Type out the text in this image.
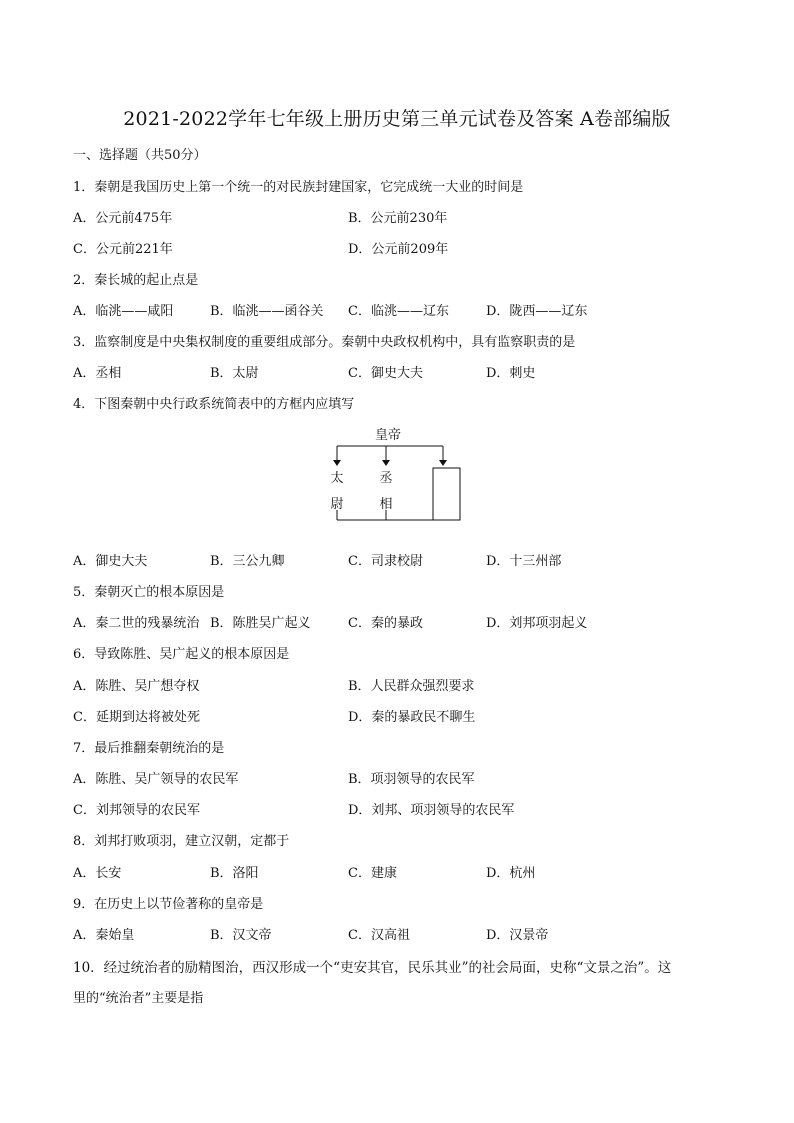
2021-2022学年七年级上册历史第三单元试卷及答案 A卷部编版
一、选择题（共50分）
1．秦朝是我国历史上第一个统一的对民族封建国家，它完成统一大业的时间是
A．公元前475年	B．公元前230年
C．公元前221年	D．公元前209年
2．秦长城的起止点是
A．临洮——咸阳	B．临洮——函谷关 C．临洮——辽东	D．陇西——辽东
3．监察制度是中央集权制度的重要组成部分。秦朝中央政权机构中，具有监察职责的是
A．丞相	B．太尉	C．御史大夫	D．刺史
4．下图秦朝中央行政系统简表中的方框内应填写
皇帝
太
尉
丞
相
A．御史大夫	B．三公九卿	C．司隶校尉	D．十三州部
5．秦朝灭亡的根本原因是
A．秦二世的残暴统治 B．陈胜吴广起义	C．秦的暴政	D．刘邦项羽起义
6．导致陈胜、吴广起义的根本原因是
A．陈胜、吴广想夺权	B．人民群众强烈要求
C．延期到达将被处死	D．秦的暴政民不聊生
7．最后推翻秦朝统治的是
A．陈胜、吴广领导的农民军	B．项羽领导的农民军
C．刘邦领导的农民军	D．刘邦、项羽领导的农民军
8．刘邦打败项羽，建立汉朝，定都于
A．长安	B．洛阳	C．建康	D．杭州
9．在历史上以节俭著称的皇帝是
A．秦始皇	B．汉文帝	C．汉高祖	D．汉景帝
10．经过统治者的励精图治，西汉形成一个“吏安其官，民乐其业”的社会局面，史称“文景之治”。这
里的“统治者”主要是指
